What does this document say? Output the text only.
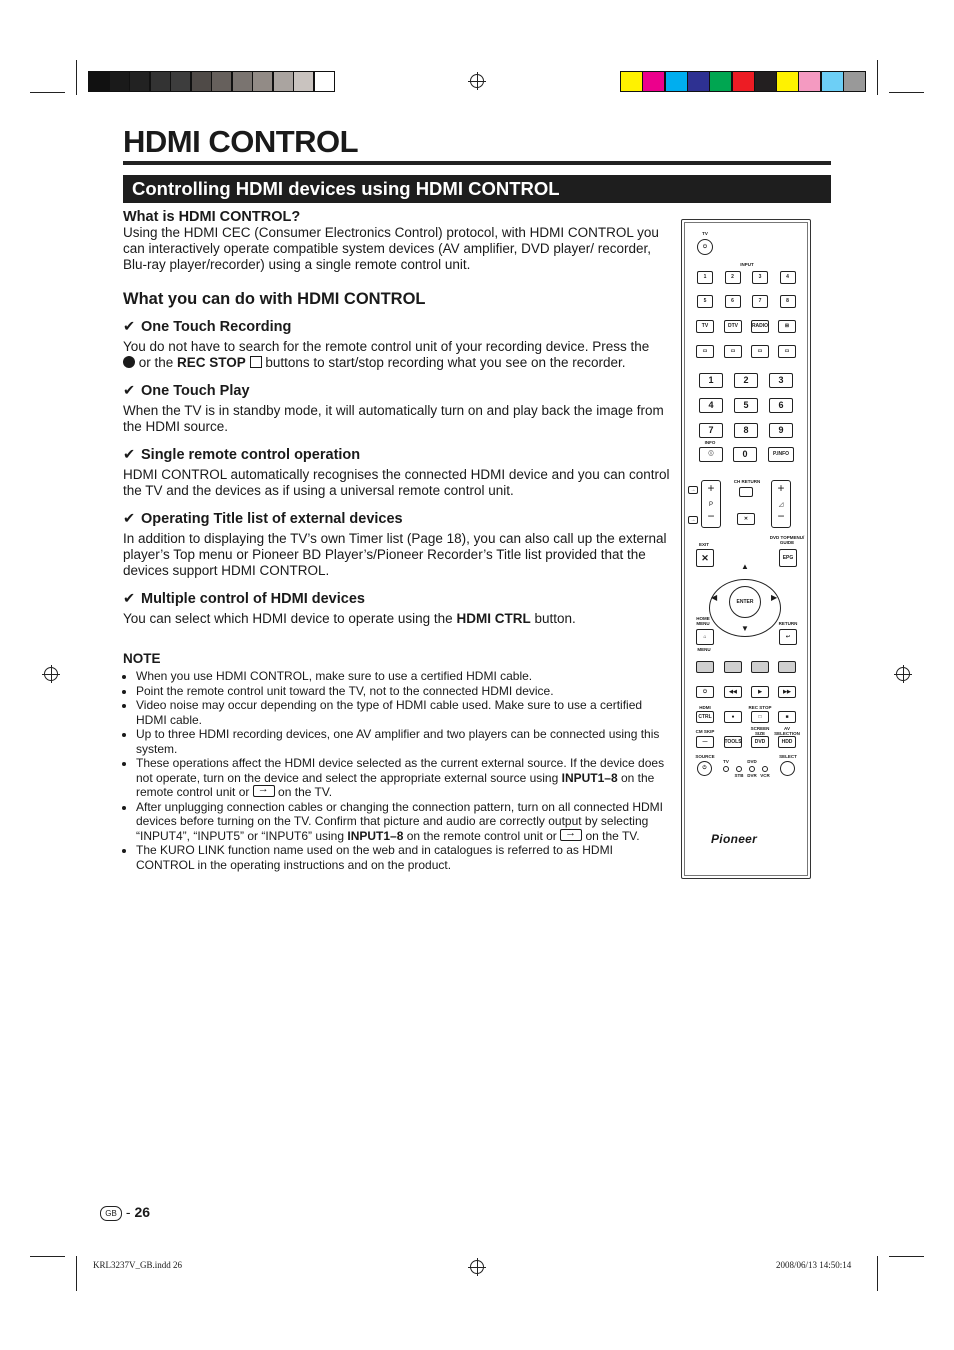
HDMI CONTROL
Controlling HDMI devices using HDMI CONTROL

What is HDMI CONTROL?

Using the HDMI CEC (Consumer Electronics Control) protocol, with HDMI CONTROL you can interactively operate compatible system devices (AV amplifier, DVD player/ recorder, Blu-ray player/recorder) using a single remote control unit.

What you can do with HDMI CONTROL

✔ One Touch Recording

You do not have to search for the remote control unit of your recording device. Press the
or the REC STOP  buttons to start/stop recording what you see on the recorder.

✔ One Touch Play

When the TV is in standby mode, it will automatically turn on and play back the image from the HDMI source.

✔ Single remote control operation

HDMI CONTROL automatically recognises the connected HDMI device and you can control the TV and the devices as if using a universal remote control unit.

✔ Operating Title list of external devices

In addition to displaying the TV’s own Timer list (Page 18), you can also call up the external player’s Top menu or Pioneer BD Player’s/Pioneer Recorder’s Title list provided that the devices support HDMI CONTROL.

✔ Multiple control of HDMI devices

You can select which HDMI device to operate using the HDMI CTRL button.

NOTE

• When you use HDMI CONTROL, make sure to use a certified HDMI cable.
• Point the remote control unit toward the TV, not to the connected HDMI device.
• Video noise may occur depending on the type of HDMI cable used. Make sure to use a certified HDMI cable.
• Up to three HDMI recording devices, one AV amplifier and two players can be connected using this system.
• These operations affect the HDMI device selected as the current external source. If the device does not operate, turn on the device and select the appropriate external source using INPUT1–8 on the remote control unit or → on the TV.
• After unplugging connection cables or changing the connection pattern, turn on all connected HDMI devices before turning on the TV. Confirm that picture and audio are correctly output by selecting “INPUT4”, “INPUT5” or “INPUT6” using INPUT1–8 on the remote control unit or → on the TV.
• The KURO LINK function name used on the web and in catalogues is referred to as HDMI CONTROL in the operating instructions and on the product.
TV
⏻
INPUT
1	2	3	4
5	6	7	8
TV	DTV	RADIO	⊞
▭	▭	▭	▭
1	2	3
4	5	6
7	8	9
INFO
ⓘ	0	P.INFO
CH RETURN
+
P
−
+
◿
−
→
→	✕
DVD TOPMENU/ GUIDE
EXIT
✕	EPG
▲
▼
◀	▶
ENTER
HOME MENU	RETURN
⌂	↩
MENU
⏻	◀◀	▶	▶▶
HDMI	REC STOP
CTRL	●	□	■
CM SKIP
SCREEN SIZE
AV SELECTION
—	TOOLS	DVD	HDD
SOURCE	SELECT
TV	DVD
⏻
STB DVR VCR
Pioneer
GB - 26
KRL3237V_GB.indd 26	2008/06/13 14:50:14
